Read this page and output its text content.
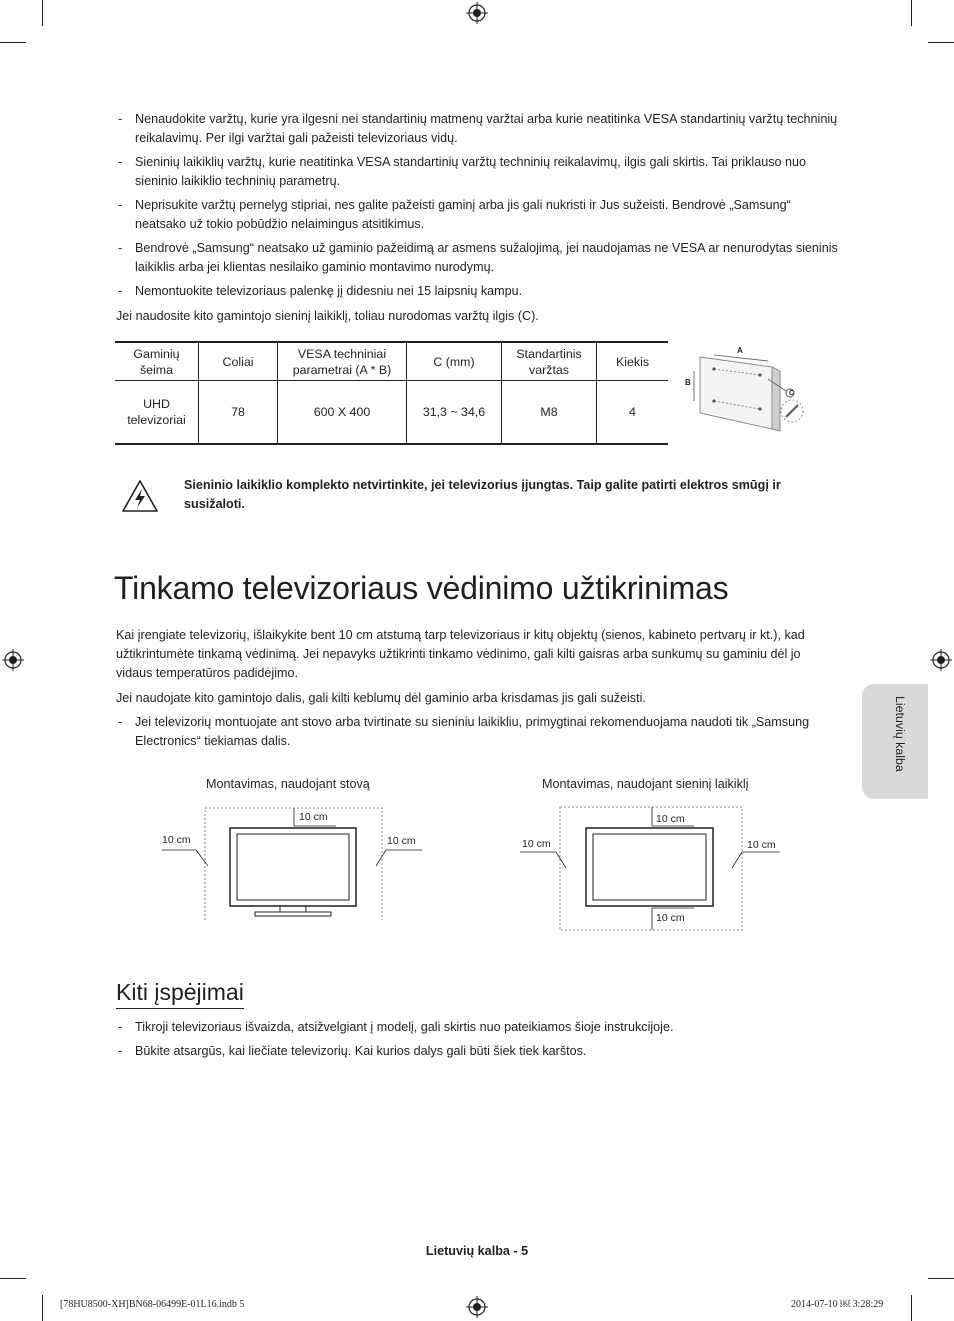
- Nenaudokite varžtų, kurie yra ilgesni nei standartinių matmenų varžtai arba kurie neatitinka VESA standartinių varžtų techninių reikalavimų. Per ilgi varžtai gali pažeisti televizoriaus vidų.
- Sieninių laikiklių varžtų, kurie neatitinka VESA standartinių varžtų techninių reikalavimų, ilgis gali skirtis. Tai priklauso nuo sieninio laikiklio techninių parametrų.
- Neprisukite varžtų pernelyg stipriai, nes galite pažeisti gaminį arba jis gali nukristi ir Jus sužeisti. Bendrovė „Samsung“ neatsako už tokio pobūdžio nelaimingus atsitikimus.
- Bendrovė „Samsung“ neatsako už gaminio pažeidimą ar asmens sužalojimą, jei naudojamas ne VESA ar nenurodytas sieninis laikiklis arba jei klientas nesilaiko gaminio montavimo nurodymų.
- Nemontuokite televizoriaus palenkę jį didesniu nei 15 laipsnių kampu.

Jei naudosite kito gamintojo sieninį laikiklį, toliau nurodomas varžtų ilgis (C).

Gaminių šeima	Coliai	VESA techniniai parametrai (A * B)	C (mm)	Standartinis varžtas	Kiekis
UHD televizoriai	78	600 X 400	31,3 ~ 34,6	M8	4
A
B
C
Sieninio laikiklio komplekto netvirtinkite, jei televizorius įjungtas. Taip galite patirti elektros smūgį ir susižaloti.
Tinkamo televizoriaus vėdinimo užtikrinimas

Kai įrengiate televizorių, išlaikykite bent 10 cm atstumą tarp televizoriaus ir kitų objektų (sienos, kabineto pertvarų ir kt.), kad užtikrintumėte tinkamą vėdinimą. Jei nepavyks užtikrinti tinkamo vėdinimo, gali kilti gaisras arba sunkumų su gaminiu dėl jo vidaus temperatūros padidėjimo.

Jei naudojate kito gamintojo dalis, gali kilti keblumų dėl gaminio arba krisdamas jis gali sužeisti.

- Jei televizorių montuojate ant stovo arba tvirtinate su sieniniu laikikliu, primygtinai rekomenduojama naudoti tik „Samsung Electronics“ tiekiamas dalis.
Montavimas, naudojant stovą
10 cm
10 cm	10 cm
Montavimas, naudojant sieninį laikiklį
10 cm
10 cm	10 cm
10 cm
Kiti įspėjimai
- Tikroji televizoriaus išvaizda, atsižvelgiant į modelį, gali skirtis nuo pateikiamos šioje instrukcijoje.
- Būkite atsargūs, kai liečiate televizorių. Kai kurios dalys gali būti šiek tiek karštos.
Lietuvių kalba
Lietuvių kalba - 5
[78HU8500-XH]BN68-06499E-01L16.indb 5	2014-07-10 ￼ 3:28:29
